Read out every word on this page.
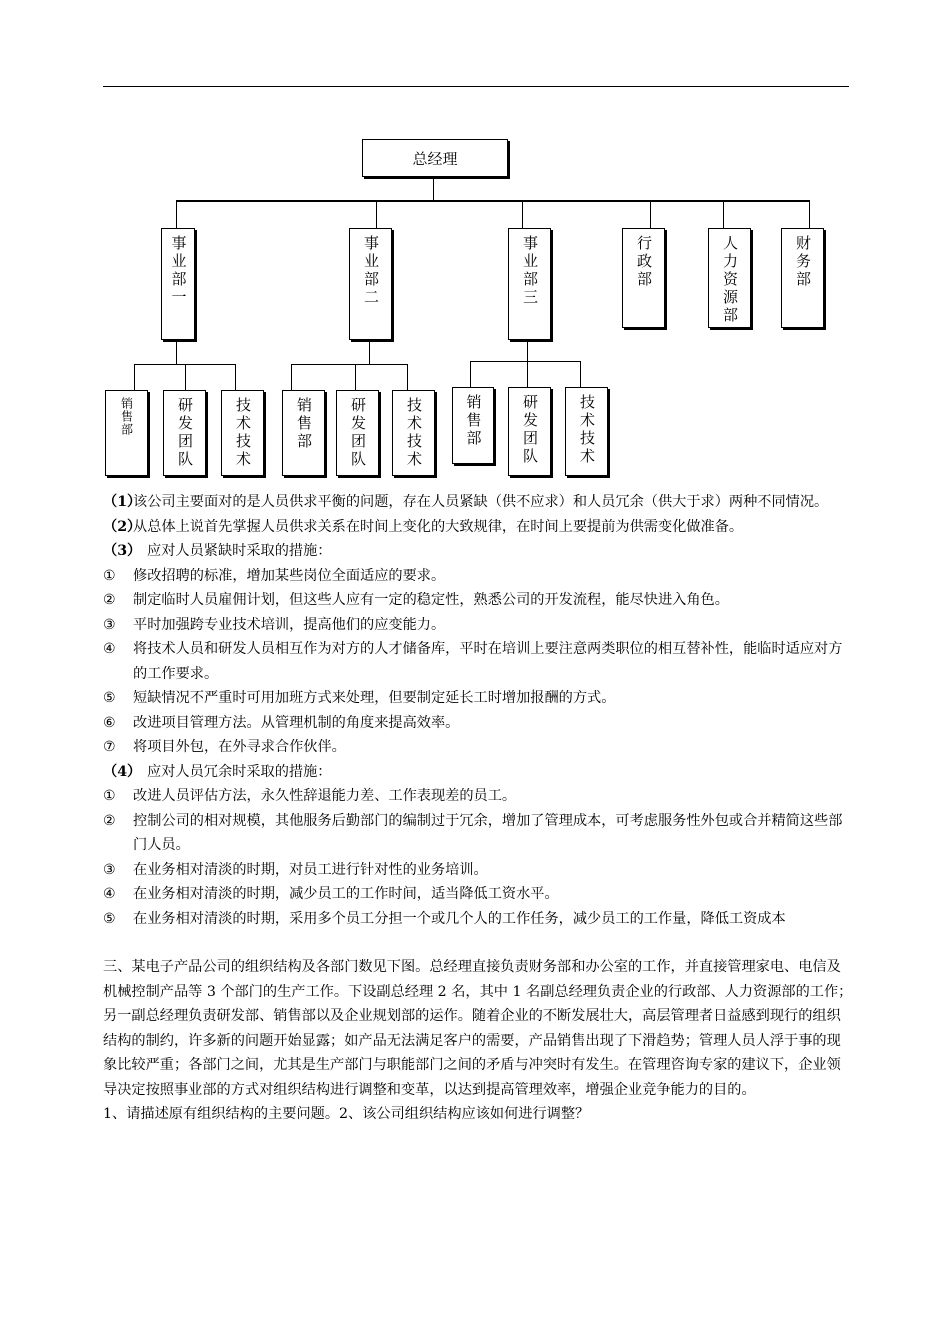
总经理
事业部一	事业部二	事业部三	行政部	人力资源部	财务部
销售部	研发团队	技术技术	销售部 研发团队	技术技术	销售部	研发团队	技术技术

（1）该公司主要面对的是人员供求平衡的问题，存在人员紧缺（供不应求）和人员冗余（供大于求）两种不同情况。

（2）从总体上说首先掌握人员供求关系在时间上变化的大致规律，在时间上要提前为供需变化做准备。

（3） 应对人员紧缺时采取的措施：

① 修改招聘的标准，增加某些岗位全面适应的要求。

② 制定临时人员雇佣计划，但这些人应有一定的稳定性，熟悉公司的开发流程，能尽快进入角色。

③ 平时加强跨专业技术培训，提高他们的应变能力。

④ 将技术人员和研发人员相互作为对方的人才储备库，平时在培训上要注意两类职位的相互替补性，能临时适应对方的工作要求。

⑤ 短缺情况不严重时可用加班方式来处理，但要制定延长工时增加报酬的方式。

⑥ 改进项目管理方法。从管理机制的角度来提高效率。

⑦ 将项目外包，在外寻求合作伙伴。

（4） 应对人员冗余时采取的措施：

① 改进人员评估方法，永久性辞退能力差、工作表现差的员工。

② 控制公司的相对规模，其他服务后勤部门的编制过于冗余，增加了管理成本，可考虑服务性外包或合并精简这些部门人员。

③ 在业务相对清淡的时期，对员工进行针对性的业务培训。

④ 在业务相对清淡的时期，减少员工的工作时间，适当降低工资水平。

⑤ 在业务相对清淡的时期，采用多个员工分担一个或几个人的工作任务，减少员工的工作量，降低工资成本

三、某电子产品公司的组织结构及各部门数见下图。总经理直接负责财务部和办公室的工作，并直接管理家电、电信及机械控制产品等 3 个部门的生产工作。下设副总经理 2 名，其中 1 名副总经理负责企业的行政部、人力资源部的工作；另一副总经理负责研发部、销售部以及企业规划部的运作。随着企业的不断发展壮大，高层管理者日益感到现行的组织结构的制约，许多新的问题开始显露；如产品无法满足客户的需要，产品销售出现了下滑趋势；管理人员人浮于事的现象比较严重；各部门之间，尤其是生产部门与职能部门之间的矛盾与冲突时有发生。在管理咨询专家的建议下，企业领导决定按照事业部的方式对组织结构进行调整和变革，以达到提高管理效率，增强企业竞争能力的目的。

1、请描述原有组织结构的主要问题。2、该公司组织结构应该如何进行调整？
